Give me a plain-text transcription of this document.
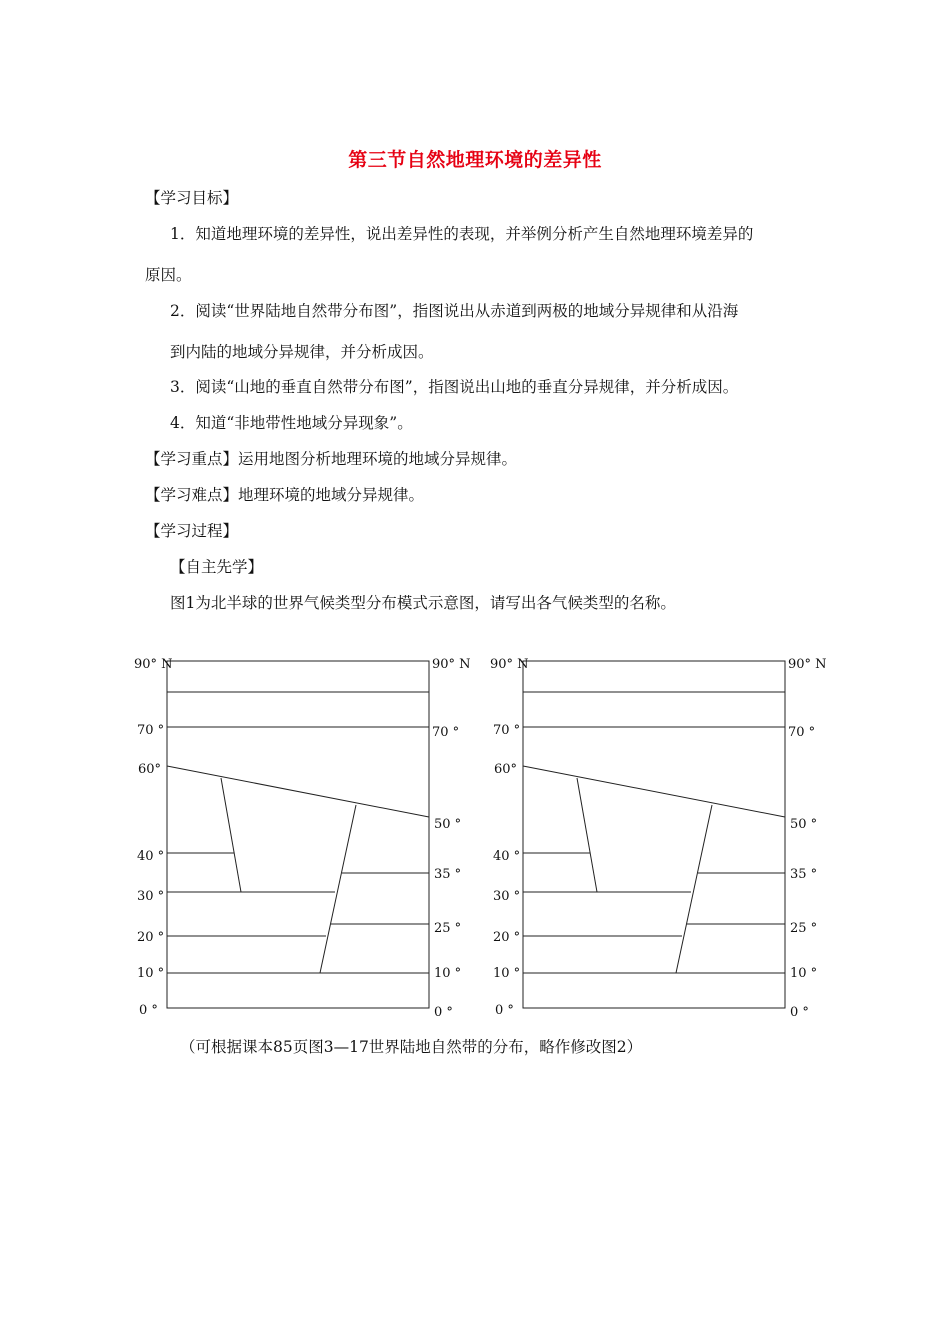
第三节自然地理环境的差异性
【学习目标】
1．知道地理环境的差异性，说出差异性的表现，并举例分析产生自然地理环境差异的
原因。
2．阅读“世界陆地自然带分布图”，指图说出从赤道到两极的地域分异规律和从沿海
到内陆的地域分异规律，并分析成因。
3．阅读“山地的垂直自然带分布图”，指图说出山地的垂直分异规律，并分析成因。
4．知道“非地带性地域分异现象”。
【学习重点】运用地图分析地理环境的地域分异规律。
【学习难点】地理环境的地域分异规律。
【学习过程】
【自主先学】
图1为北半球的世界气候类型分布模式示意图，请写出各气候类型的名称。
90° N
70 °
60°
40 °
30 °
20 °
10 °
0 °
90° N
70 °
50 °
35 °
25 °
10 °
0 °
90° N
70 °
60°
40 °
30 °
20 °
10 °
0 °
90° N
70 °
50 °
35 °
25 °
10 °
0 °
（可根据课本85页图3—17世界陆地自然带的分布，略作修改图2）
